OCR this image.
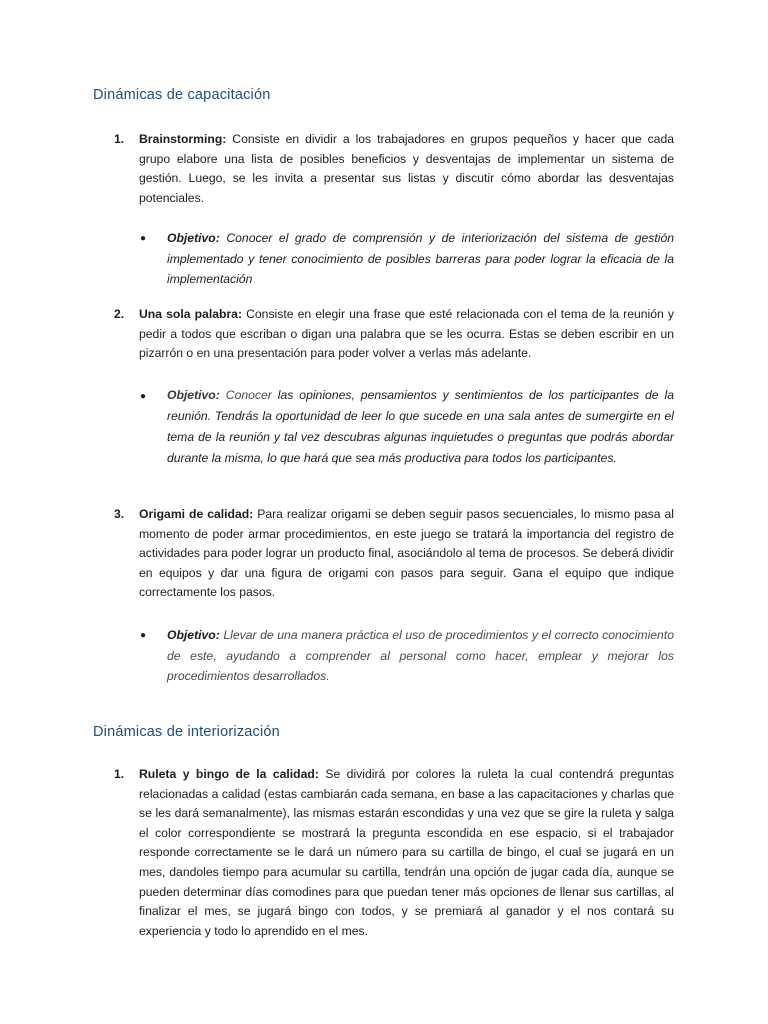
Dinámicas de capacitación
1. Brainstorming: Consiste en dividir a los trabajadores en grupos pequeños y hacer que cada grupo elabore una lista de posibles beneficios y desventajas de implementar un sistema de gestión. Luego, se les invita a presentar sus listas y discutir cómo abordar las desventajas potenciales.
● Objetivo: Conocer el grado de comprensión y de interiorización del sistema de gestión implementado y tener conocimiento de posibles barreras para poder lograr la eficacia de la implementación
2. Una sola palabra: Consiste en elegir una frase que esté relacionada con el tema de la reunión y pedir a todos que escriban o digan una palabra que se les ocurra. Estas se deben escribir en un pizarrón o en una presentación para poder volver a verlas más adelante.
● Objetivo: Conocer las opiniones, pensamientos y sentimientos de los participantes de la reunión. Tendrás la oportunidad de leer lo que sucede en una sala antes de sumergirte en el tema de la reunión y tal vez descubras algunas inquietudes o preguntas que podrás abordar durante la misma, lo que hará que sea más productiva para todos los participantes.
3. Origami de calidad: Para realizar origami se deben seguir pasos secuenciales, lo mismo pasa al momento de poder armar procedimientos, en este juego se tratará la importancia del registro de actividades para poder lograr un producto final, asociándolo al tema de procesos. Se deberá dividir en equipos y dar una figura de origami con pasos para seguir. Gana el equipo que indique correctamente los pasos.
● Objetivo: Llevar de una manera práctica el uso de procedimientos y el correcto conocimiento de este, ayudando a comprender al personal como hacer, emplear y mejorar los procedimientos desarrollados.
Dinámicas de interiorización
1. Ruleta y bingo de la calidad: Se dividirá por colores la ruleta la cual contendrá preguntas relacionadas a calidad (estas cambiarán cada semana, en base a las capacitaciones y charlas que se les dará semanalmente), las mismas estarán escondidas y una vez que se gire la ruleta y salga el color correspondiente se mostrará la pregunta escondida en ese espacio, si el trabajador responde correctamente se le dará un número para su cartilla de bingo, el cual se jugará en un mes, dandoles tiempo para acumular su cartilla, tendrán una opción de jugar cada día, aunque se pueden determinar días comodines para que puedan tener más opciones de llenar sus cartillas, al finalizar el mes, se jugará bingo con todos, y se premiará al ganador y el nos contará su experiencia y todo lo aprendido en el mes.
